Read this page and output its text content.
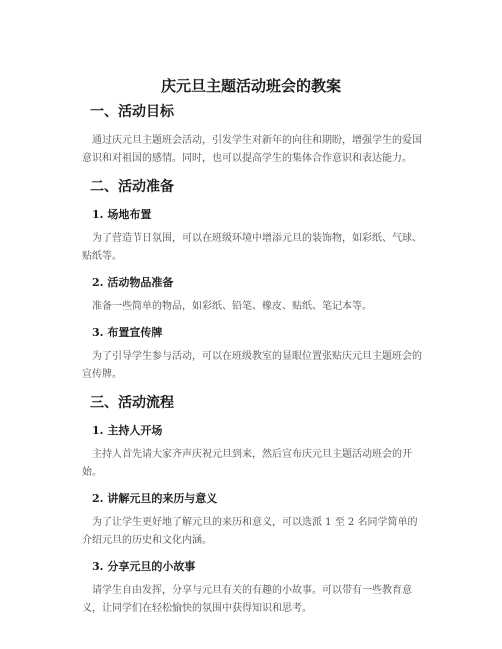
庆元旦主题活动班会的教案
一、活动目标

通过庆元旦主题班会活动，引发学生对新年的向往和期盼，增强学生的爱国意识和对祖国的感情。同时，也可以提高学生的集体合作意识和表达能力。

二、活动准备
1. 场地布置

为了营造节日氛围，可以在班级环境中增添元旦的装饰物，如彩纸、气球、贴纸等。

2. 活动物品准备

准备一些简单的物品，如彩纸、铅笔、橡皮、贴纸、笔记本等。

3. 布置宣传牌

为了引导学生参与活动，可以在班级教室的显眼位置张贴庆元旦主题班会的宣传牌。

三、活动流程
1. 主持人开场

主持人首先请大家齐声庆祝元旦到来，然后宣布庆元旦主题活动班会的开始。

2. 讲解元旦的来历与意义

为了让学生更好地了解元旦的来历和意义，可以选派 1 至 2 名同学简单的介绍元旦的历史和文化内涵。

3. 分享元旦的小故事

请学生自由发挥，分享与元旦有关的有趣的小故事。可以带有一些教育意义，让同学们在轻松愉快的氛围中获得知识和思考。
